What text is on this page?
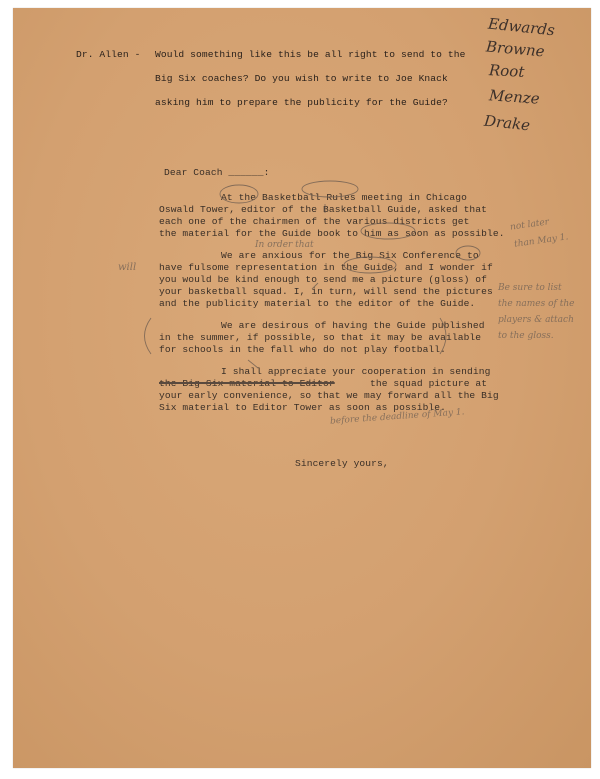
Dr. Allen - Would something like this be all right to send to the
Big Six coaches? Do you wish to write to Joe Knack
asking him to prepare the publicity for the Guide?
Edwards
Browne
Root
Menze
Drake
Dear Coach ______:
At the Basketball Rules meeting in Chicago
Oswald Tower, editor of the Basketball Guide, asked that
each one of the chairmen of the various districts get
the material for the Guide book to him as soon as possible.
We are anxious for the Big Six Conference to
have fulsome representation in the Guide, and I wonder if
you would be kind enough to send me a picture (gloss) of
your basketball squad. I, in turn, will send the pictures
and the publicity material to the editor of the Guide.
We are desirous of having the Guide published
in the summer, if possible, so that it may be available
for schools in the fall who do not play football.
I shall appreciate your cooperation in sending
the Big Six material to Editor	the squad picture at
your early convenience, so that we may forward all the Big
Six material to Editor Tower as soon as possible.
Sincerely yours,
In order that
will
not later
than May 1.
Be sure to list
the names of the
players & attach
to the gloss.
before the deadline of May 1.
